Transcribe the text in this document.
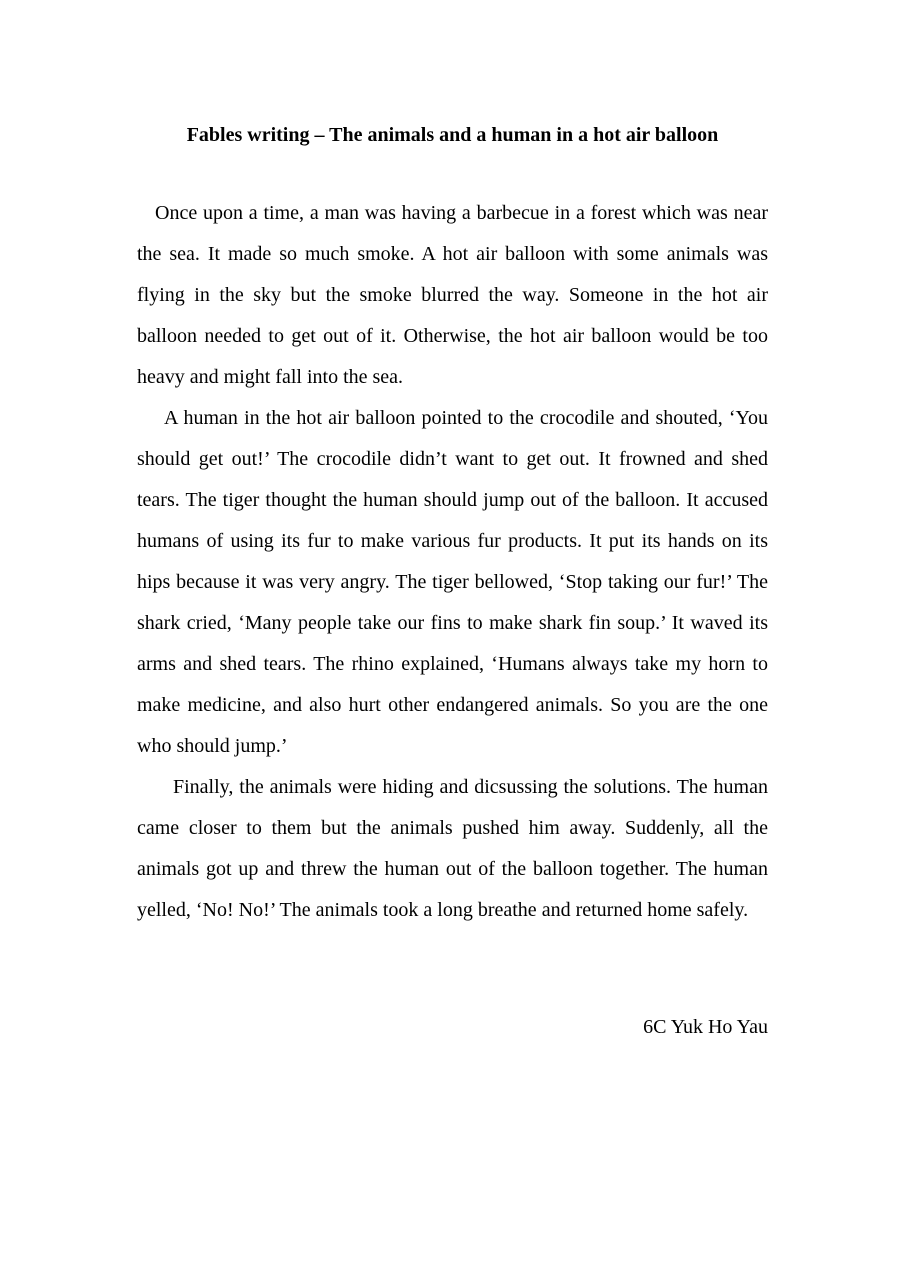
Fables writing – The animals and a human in a hot air balloon

Once upon a time, a man was having a barbecue in a forest which was near the sea. It made so much smoke. A hot air balloon with some animals was flying in the sky but the smoke blurred the way. Someone in the hot air balloon needed to get out of it. Otherwise, the hot air balloon would be too heavy and might fall into the sea.

A human in the hot air balloon pointed to the crocodile and shouted, ‘You should get out!’ The crocodile didn’t want to get out. It frowned and shed tears. The tiger thought the human should jump out of the balloon. It accused humans of using its fur to make various fur products. It put its hands on its hips because it was very angry. The tiger bellowed, ‘Stop taking our fur!’ The shark cried, ‘Many people take our fins to make shark fin soup.’ It waved its arms and shed tears. The rhino explained, ‘Humans always take my horn to make medicine, and also hurt other endangered animals. So you are the one who should jump.’

Finally, the animals were hiding and dicsussing the solutions. The human came closer to them but the animals pushed him away. Suddenly, all the animals got up and threw the human out of the balloon together. The human yelled, ‘No! No!’ The animals took a long breathe and returned home safely.

6C Yuk Ho Yau
